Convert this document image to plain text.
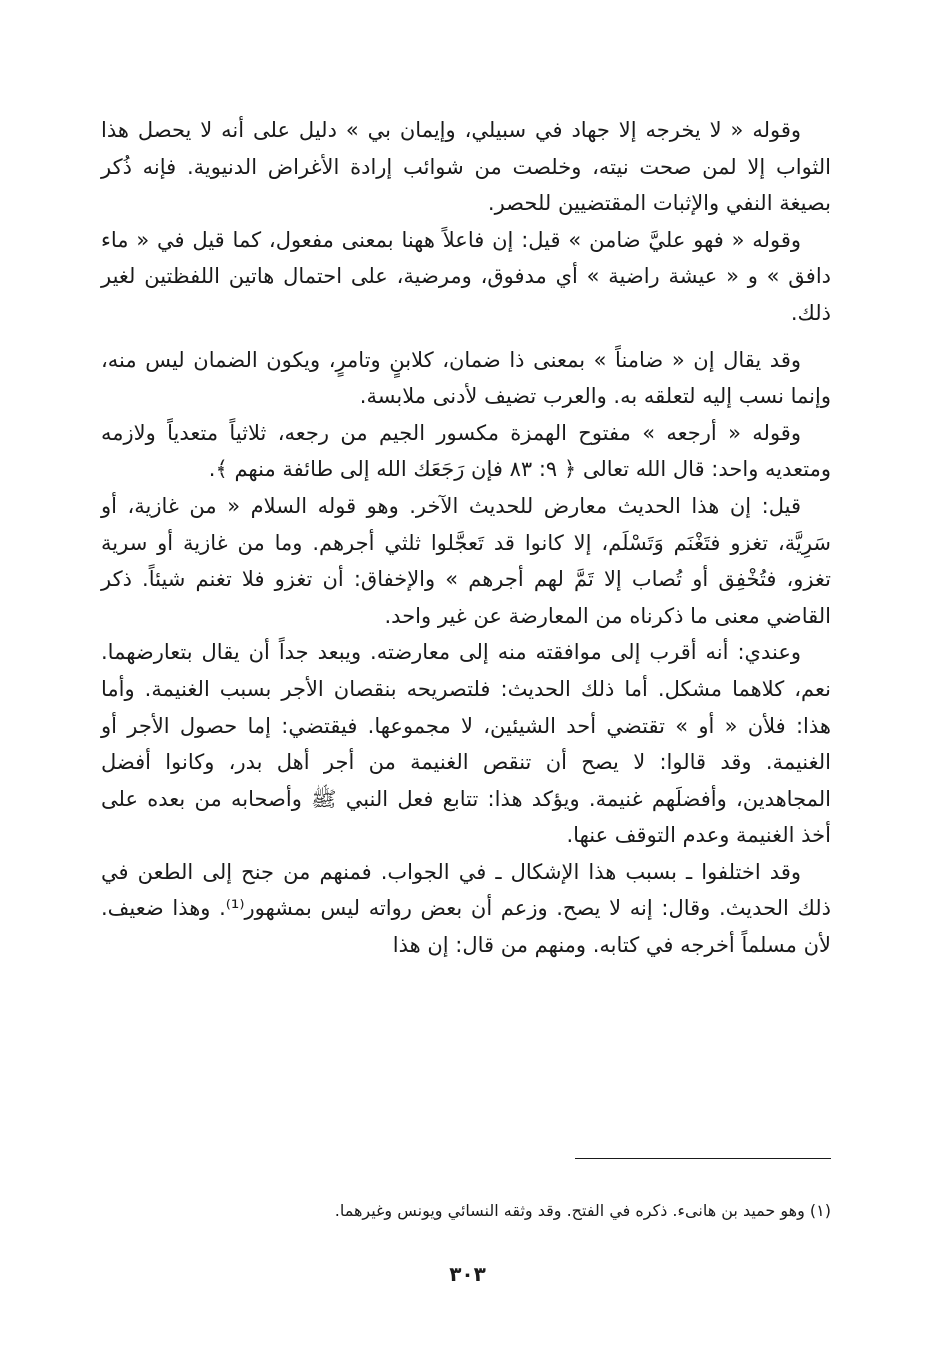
وقوله « لا يخرجه إلا جهاد في سبيلي، وإيمان بي » دليل على أنه لا يحصل هذا الثواب إلا لمن صحت نيته، وخلصت من شوائب إرادة الأغراض الدنيوية. فإنه ذُكر بصيغة النفي والإثبات المقتضيين للحصر.

وقوله « فهو عليَّ ضامن » قيل: إن فاعلاً ههنا بمعنى مفعول، كما قيل في « ماء دافق » و « عيشة راضية » أي مدفوق، ومرضية، على احتمال هاتين اللفظتين لغير ذلك.

وقد يقال إن « ضامناً » بمعنى ذا ضمان، كلابنٍ وتامرٍ، ويكون الضمان ليس منه، وإنما نسب إليه لتعلقه به. والعرب تضيف لأدنى ملابسة.

وقوله « أرجعه » مفتوح الهمزة مكسور الجيم من رجعه، ثلاثياً متعدياً ولازمه ومتعديه واحد: قال الله تعالى ﴿ ٩: ٨٣ فإن رَجَعَك الله إلى طائفة منهم ﴾.

قيل: إن هذا الحديث معارض للحديث الآخر. وهو قوله السلام « من غازية، أو سَرِيَّة، تغزو فتَغْنَم وَتَسْلَم، إلا كانوا قد تَعجَّلوا ثلثي أجرهم. وما من غازية أو سرية تغزو، فتُخْفِق أو تُصاب إلا تَمَّ لهم أجرهم » والإخفاق: أن تغزو فلا تغنم شيئاً. ذكر القاضي معنى ما ذكرناه من المعارضة عن غير واحد.

وعندي: أنه أقرب إلى موافقته منه إلى معارضته. ويبعد جداً أن يقال بتعارضهما. نعم، كلاهما مشكل. أما ذلك الحديث: فلتصريحه بنقصان الأجر بسبب الغنيمة. وأما هذا: فلأن « أو » تقتضي أحد الشيئين، لا مجموعها. فيقتضي: إما حصول الأجر أو الغنيمة. وقد قالوا: لا يصح أن تنقص الغنيمة من أجر أهل بدر، وكانوا أفضل المجاهدين، وأفضلَهم غنيمة. ويؤكد هذا: تتابع فعل النبي ﷺ وأصحابه من بعده على أخذ الغنيمة وعدم التوقف عنها.

وقد اختلفوا ـ بسبب هذا الإشكال ـ في الجواب. فمنهم من جنح إلى الطعن في ذلك الحديث. وقال: إنه لا يصح. وزعم أن بعض رواته ليس بمشهور⁽¹⁾. وهذا ضعيف. لأن مسلماً أخرجه في كتابه. ومنهم من قال: إن هذا

(١) وهو حميد بن هانىء. ذكره في الفتح. وقد وثقه النسائي ويونس وغيرهما.

٣٠٣
